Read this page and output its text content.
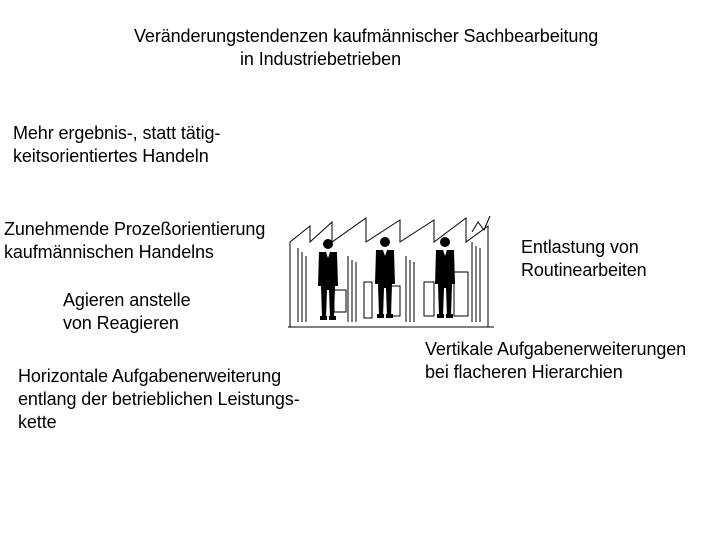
Veränderungstendenzen kaufmännischer Sachbearbeitung
in Industriebetrieben
Mehr ergebnis-, statt tätig-
keitsorientiertes Handeln
Zunehmende Prozeßorientierung
kaufmännischen Handelns
Agieren anstelle
von Reagieren
Horizontale Aufgabenerweiterung
entlang der betrieblichen Leistungs-
kette
Entlastung von
Routinearbeiten
Vertikale Aufgabenerweiterungen
bei flacheren Hierarchien
